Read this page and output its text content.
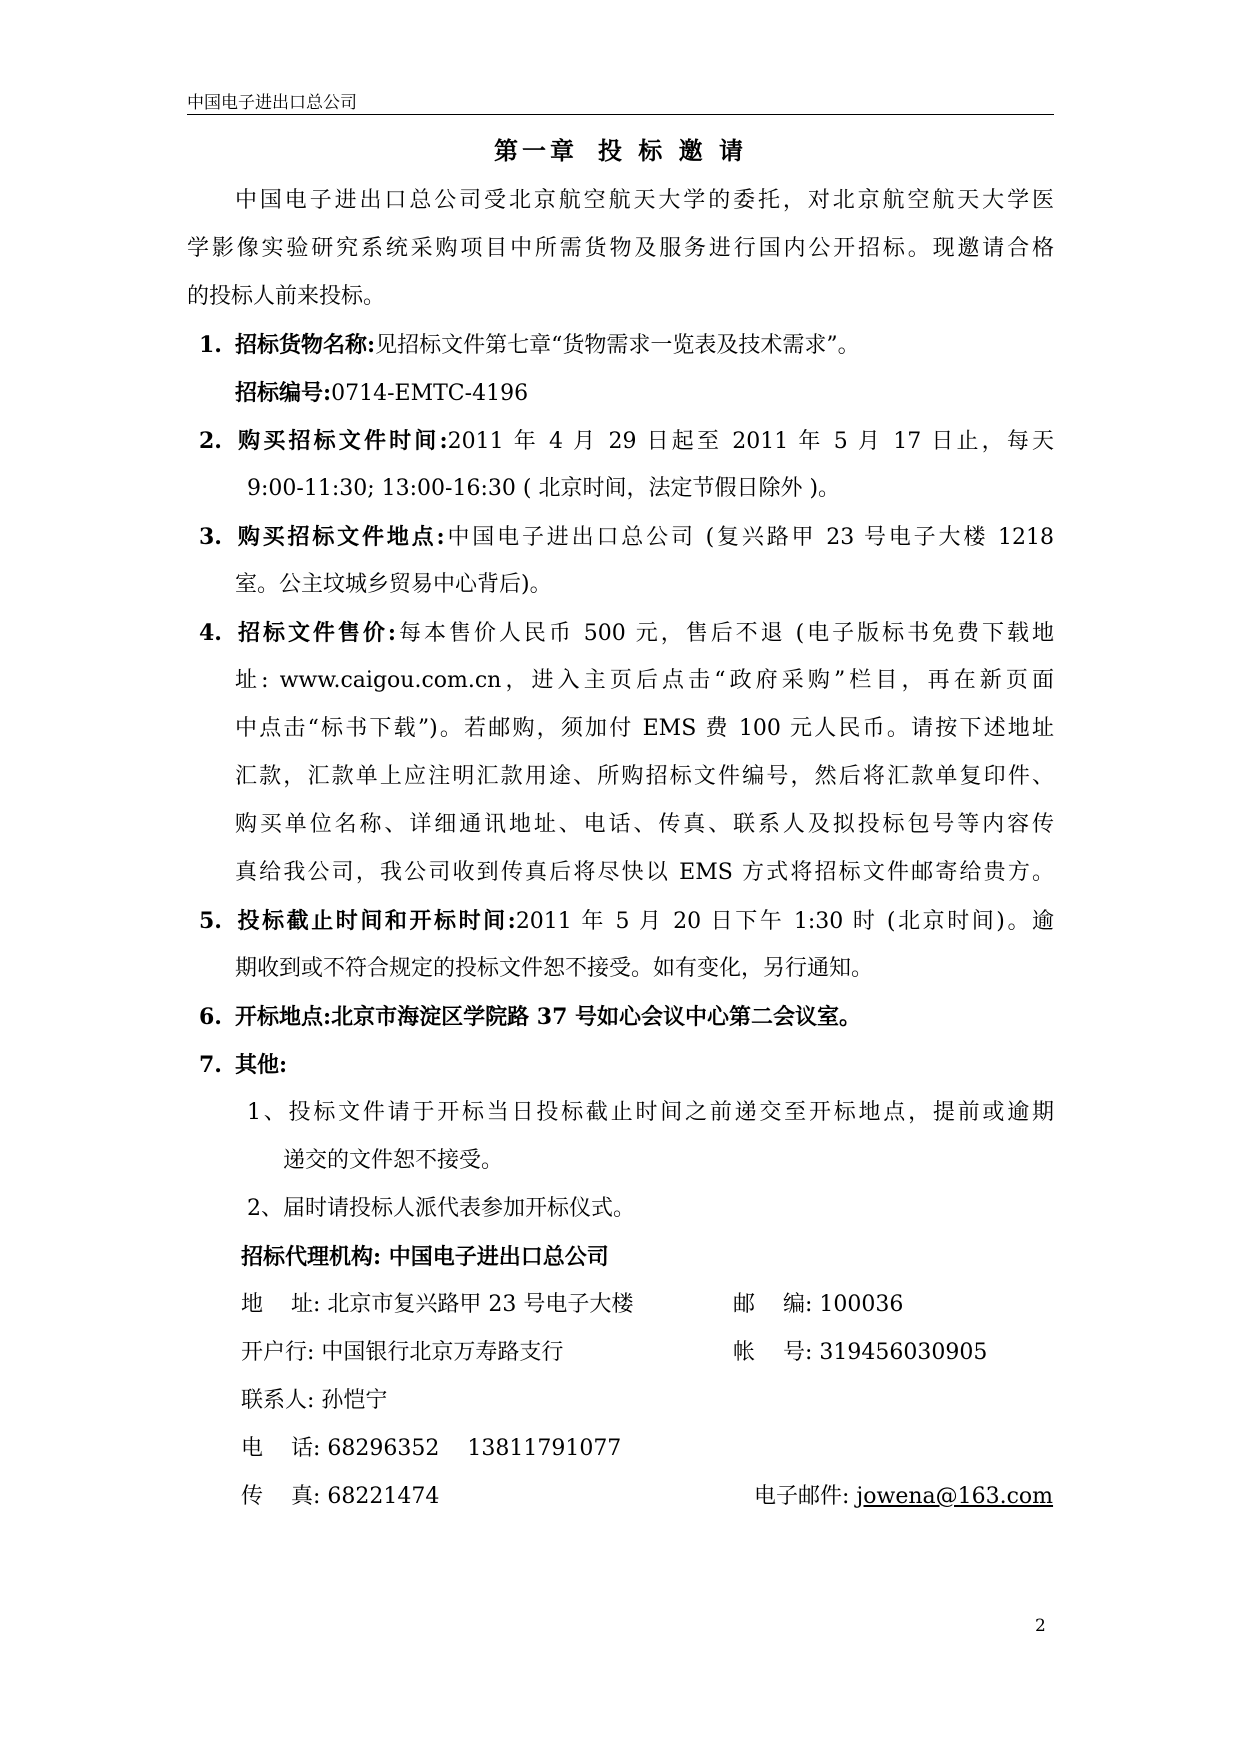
中国电子进出口总公司
第一章 投 标 邀 请
中国电子进出口总公司受北京航空航天大学的委托，对北京航空航天大学医
学影像实验研究系统采购项目中所需货物及服务进行国内公开招标。现邀请合格
的投标人前来投标。
1. 招标货物名称:见招标文件第七章“货物需求一览表及技术需求”。
招标编号:0714-EMTC-4196
2. 购买招标文件时间:2011 年 4 月 29 日起至 2011 年 5 月 17 日止，每天
9:00-11:30; 13:00-16:30 ( 北京时间，法定节假日除外 )。
3. 购买招标文件地点:中国电子进出口总公司 (复兴路甲 23 号电子大楼 1218
室。公主坟城乡贸易中心背后)。
4. 招标文件售价:每本售价人民币 500 元，售后不退 (电子版标书免费下载地
址: www.caigou.com.cn，进入主页后点击“政府采购”栏目，再在新页面
中点击“标书下载”)。若邮购，须加付 EMS 费 100 元人民币。请按下述地址
汇款，汇款单上应注明汇款用途、所购招标文件编号，然后将汇款单复印件、
购买单位名称、详细通讯地址、电话、传真、联系人及拟投标包号等内容传
真给我公司，我公司收到传真后将尽快以 EMS 方式将招标文件邮寄给贵方。
5. 投标截止时间和开标时间:2011 年 5 月 20 日下午 1:30 时 (北京时间)。逾
期收到或不符合规定的投标文件恕不接受。如有变化，另行通知。
6. 开标地点:北京市海淀区学院路 37 号如心会议中心第二会议室。
7. 其他:
1、投标文件请于开标当日投标截止时间之前递交至开标地点，提前或逾期
递交的文件恕不接受。
2、届时请投标人派代表参加开标仪式。
招标代理机构: 中国电子进出口总公司
地    址: 北京市复兴路甲 23 号电子大楼	邮    编: 100036
开户行: 中国银行北京万寿路支行	帐    号: 319456030905
联系人: 孙恺宁
电    话: 68296352    13811791077
传    真: 68221474	电子邮件: jowena@163.com
2
